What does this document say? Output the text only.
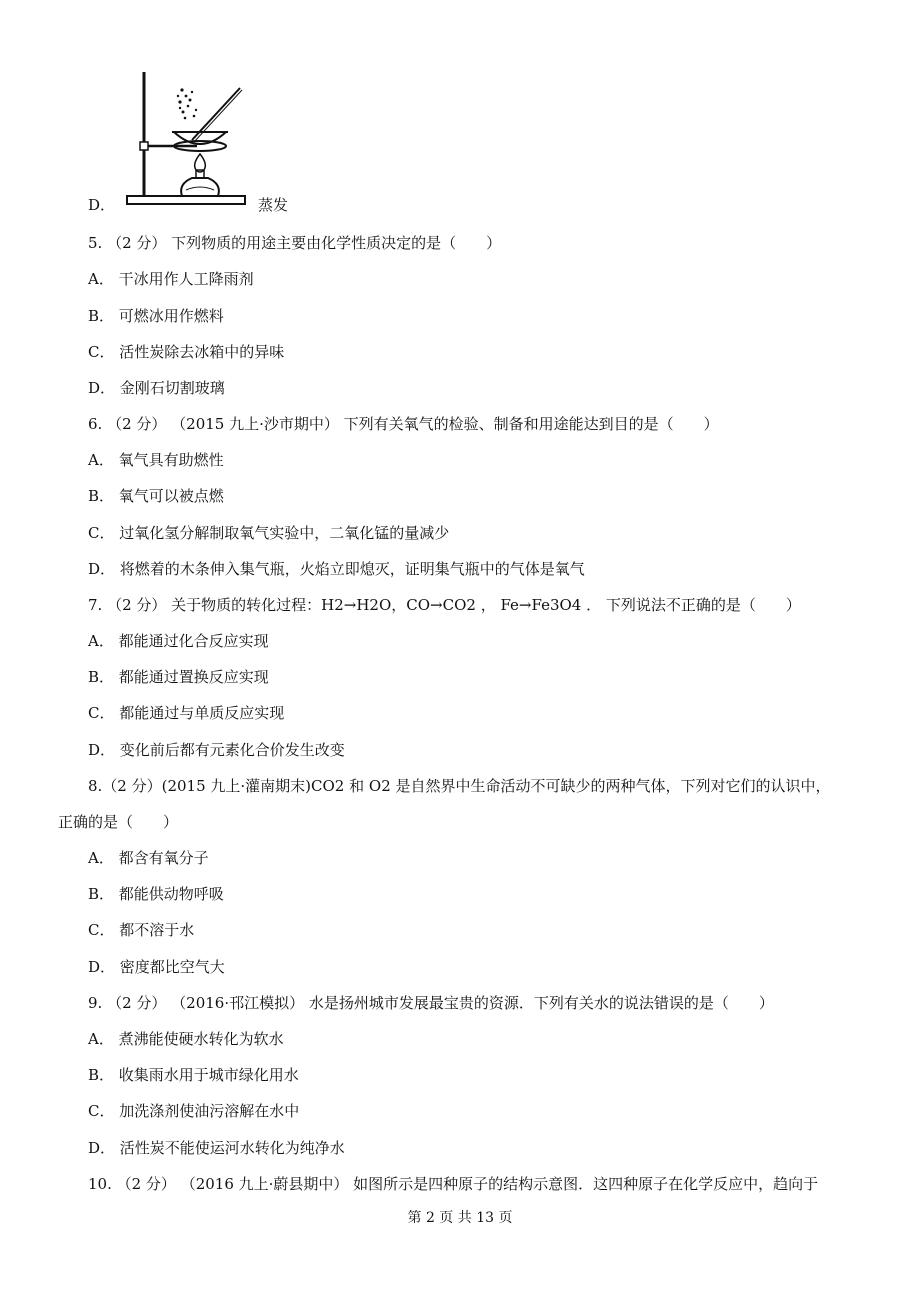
D．	蒸发
5. （2 分） 下列物质的用途主要由化学性质决定的是（　　）
A． 干冰用作人工降雨剂
B． 可燃冰用作燃料
C． 活性炭除去冰箱中的异味
D． 金刚石切割玻璃
6. （2 分） （2015 九上·沙市期中） 下列有关氧气的检验、制备和用途能达到目的是（　　）
A． 氧气具有助燃性
B． 氧气可以被点燃
C． 过氧化氢分解制取氧气实验中，二氧化锰的量减少
D． 将燃着的木条伸入集气瓶，火焰立即熄灭，证明集气瓶中的气体是氧气
7. （2 分） 关于物质的转化过程：H2→H2O，CO→CO2 ， Fe→Fe3O4 ． 下列说法不正确的是（　　）
A． 都能通过化合反应实现
B． 都能通过置换反应实现
C． 都能通过与单质反应实现
D． 变化前后都有元素化合价发生改变
8.（2 分）(2015 九上·灌南期末)CO2 和 O2 是自然界中生命活动不可缺少的两种气体，下列对它们的认识中，
正确的是（　　）
A． 都含有氧分子
B． 都能供动物呼吸
C． 都不溶于水
D． 密度都比空气大
9. （2 分） （2016·邗江模拟） 水是扬州城市发展最宝贵的资源．下列有关水的说法错误的是（　　）
A． 煮沸能使硬水转化为软水
B． 收集雨水用于城市绿化用水
C． 加洗涤剂使油污溶解在水中
D． 活性炭不能使运河水转化为纯净水
10. （2 分） （2016 九上·蔚县期中） 如图所示是四种原子的结构示意图．这四种原子在化学反应中，趋向于
第 2 页 共 13 页
